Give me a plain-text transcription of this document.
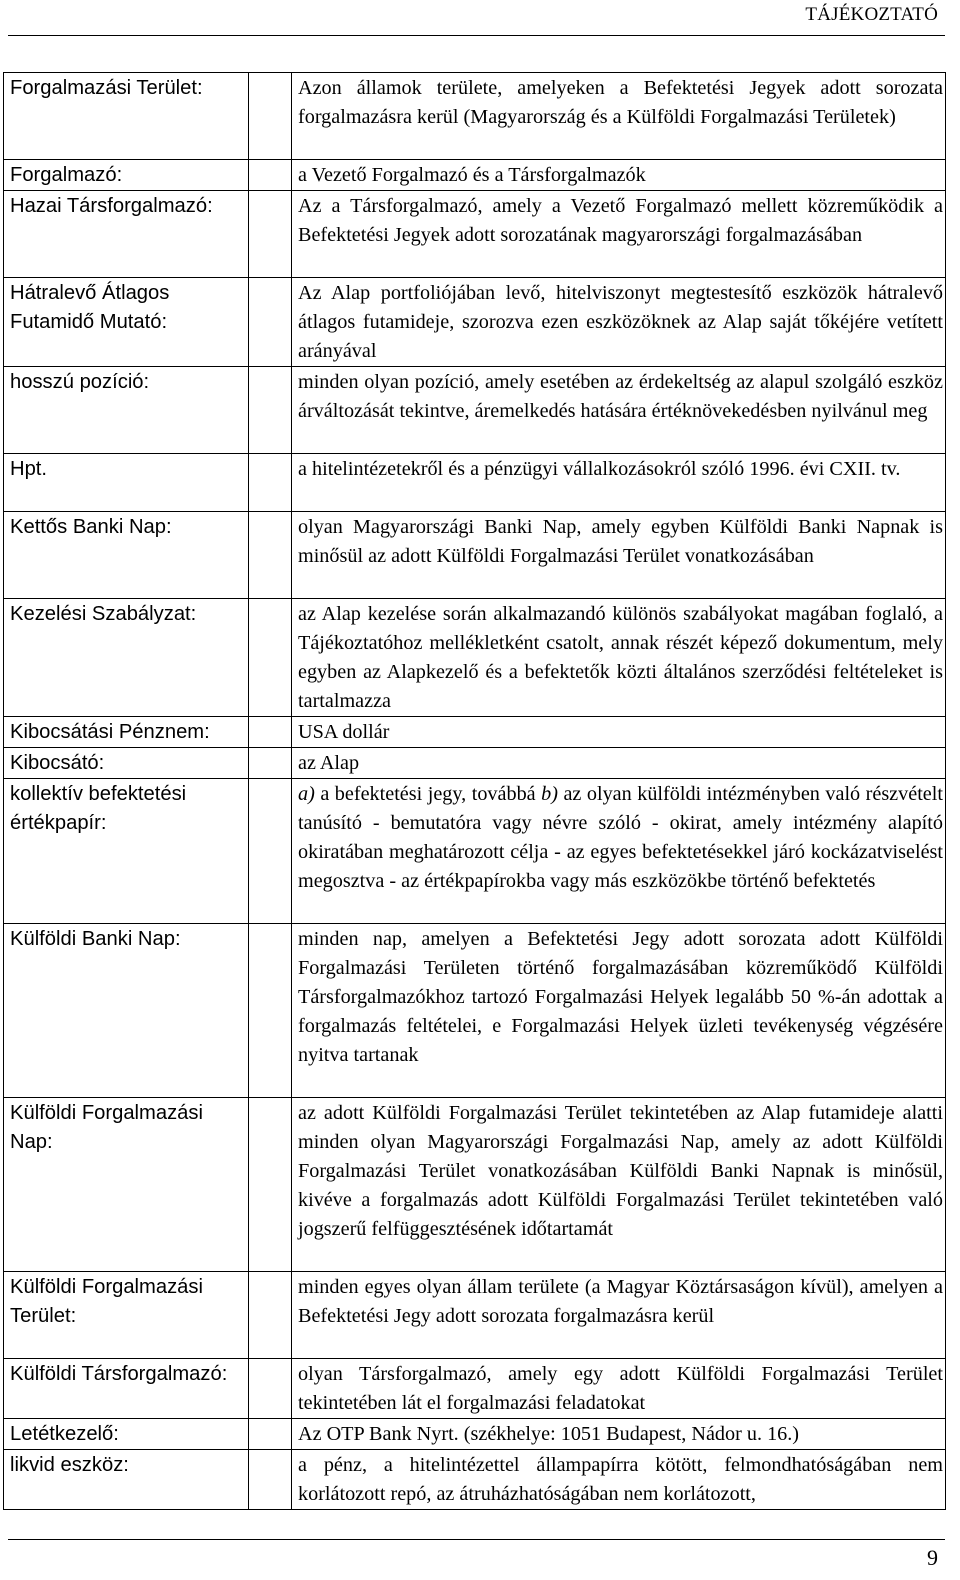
TÁJÉKOZTATÓ
Forgalmazási Terület:		Azon államok területe, amelyeken a Befektetési Jegyek adott sorozata forgalmazásra kerül (Magyarország és a Külföldi Forgalmazási Területek)
Forgalmazó:		a Vezető Forgalmazó és a Társforgalmazók
Hazai Társforgalmazó:		Az a Társforgalmazó, amely a Vezető Forgalmazó mellett közreműködik a Befektetési Jegyek adott sorozatának magyarországi forgalmazásában
Hátralevő Átlagos Futamidő Mutató:		Az Alap portfoliójában levő, hitelviszonyt megtestesítő eszközök hátralevő átlagos futamideje, szorozva ezen eszközöknek az Alap saját tőkéjére vetített arányával
hosszú pozíció:		minden olyan pozíció, amely esetében az érdekeltség az alapul szolgáló eszköz árváltozását tekintve, áremelkedés hatására értéknövekedésben nyilvánul meg
Hpt.		a hitelintézetekről és a pénzügyi vállalkozásokról szóló 1996. évi CXII. tv.
Kettős Banki Nap:		olyan Magyarországi Banki Nap, amely egyben Külföldi Banki Napnak is minősül az adott Külföldi Forgalmazási Terület vonatkozásában
Kezelési Szabályzat:		az Alap kezelése során alkalmazandó különös szabályokat magában foglaló, a Tájékoztatóhoz mellékletként csatolt, annak részét képező dokumentum, mely egyben az Alapkezelő és a befektetők közti általános szerződési feltételeket is tartalmazza
Kibocsátási Pénznem:		USA dollár
Kibocsátó:		az Alap
kollektív befektetési értékpapír:		a) a befektetési jegy, továbbá b) az olyan külföldi intézményben való részvételt tanúsító - bemutatóra vagy névre szóló - okirat, amely intézmény alapító okiratában meghatározott célja - az egyes befektetésekkel járó kockázatviselést megosztva - az értékpapírokba vagy más eszközökbe történő befektetés
Külföldi Banki Nap:		minden nap, amelyen a Befektetési Jegy adott sorozata adott Külföldi Forgalmazási Területen történő forgalmazásában közreműködő Külföldi Társforgalmazókhoz tartozó Forgalmazási Helyek legalább 50 %-án adottak a forgalmazás feltételei, e Forgalmazási Helyek üzleti tevékenység végzésére nyitva tartanak
Külföldi Forgalmazási Nap:		az adott Külföldi Forgalmazási Terület tekintetében az Alap futamideje alatti minden olyan Magyarországi Forgalmazási Nap, amely az adott Külföldi Forgalmazási Terület vonatkozásában Külföldi Banki Napnak is minősül, kivéve a forgalmazás adott Külföldi Forgalmazási Terület tekintetében való jogszerű felfüggesztésének időtartamát
Külföldi Forgalmazási Terület:		minden egyes olyan állam területe (a Magyar Köztársaságon kívül), amelyen a Befektetési Jegy adott sorozata forgalmazásra kerül
Külföldi Társforgalmazó:		olyan Társforgalmazó, amely egy adott Külföldi Forgalmazási Terület tekintetében lát el forgalmazási feladatokat
Letétkezelő:		Az OTP Bank Nyrt. (székhelye: 1051 Budapest, Nádor u. 16.)
likvid eszköz:		a pénz, a hitelintézettel állampapírra kötött, felmondhatóságában nem korlátozott repó, az átruházhatóságában nem korlátozott,
9
